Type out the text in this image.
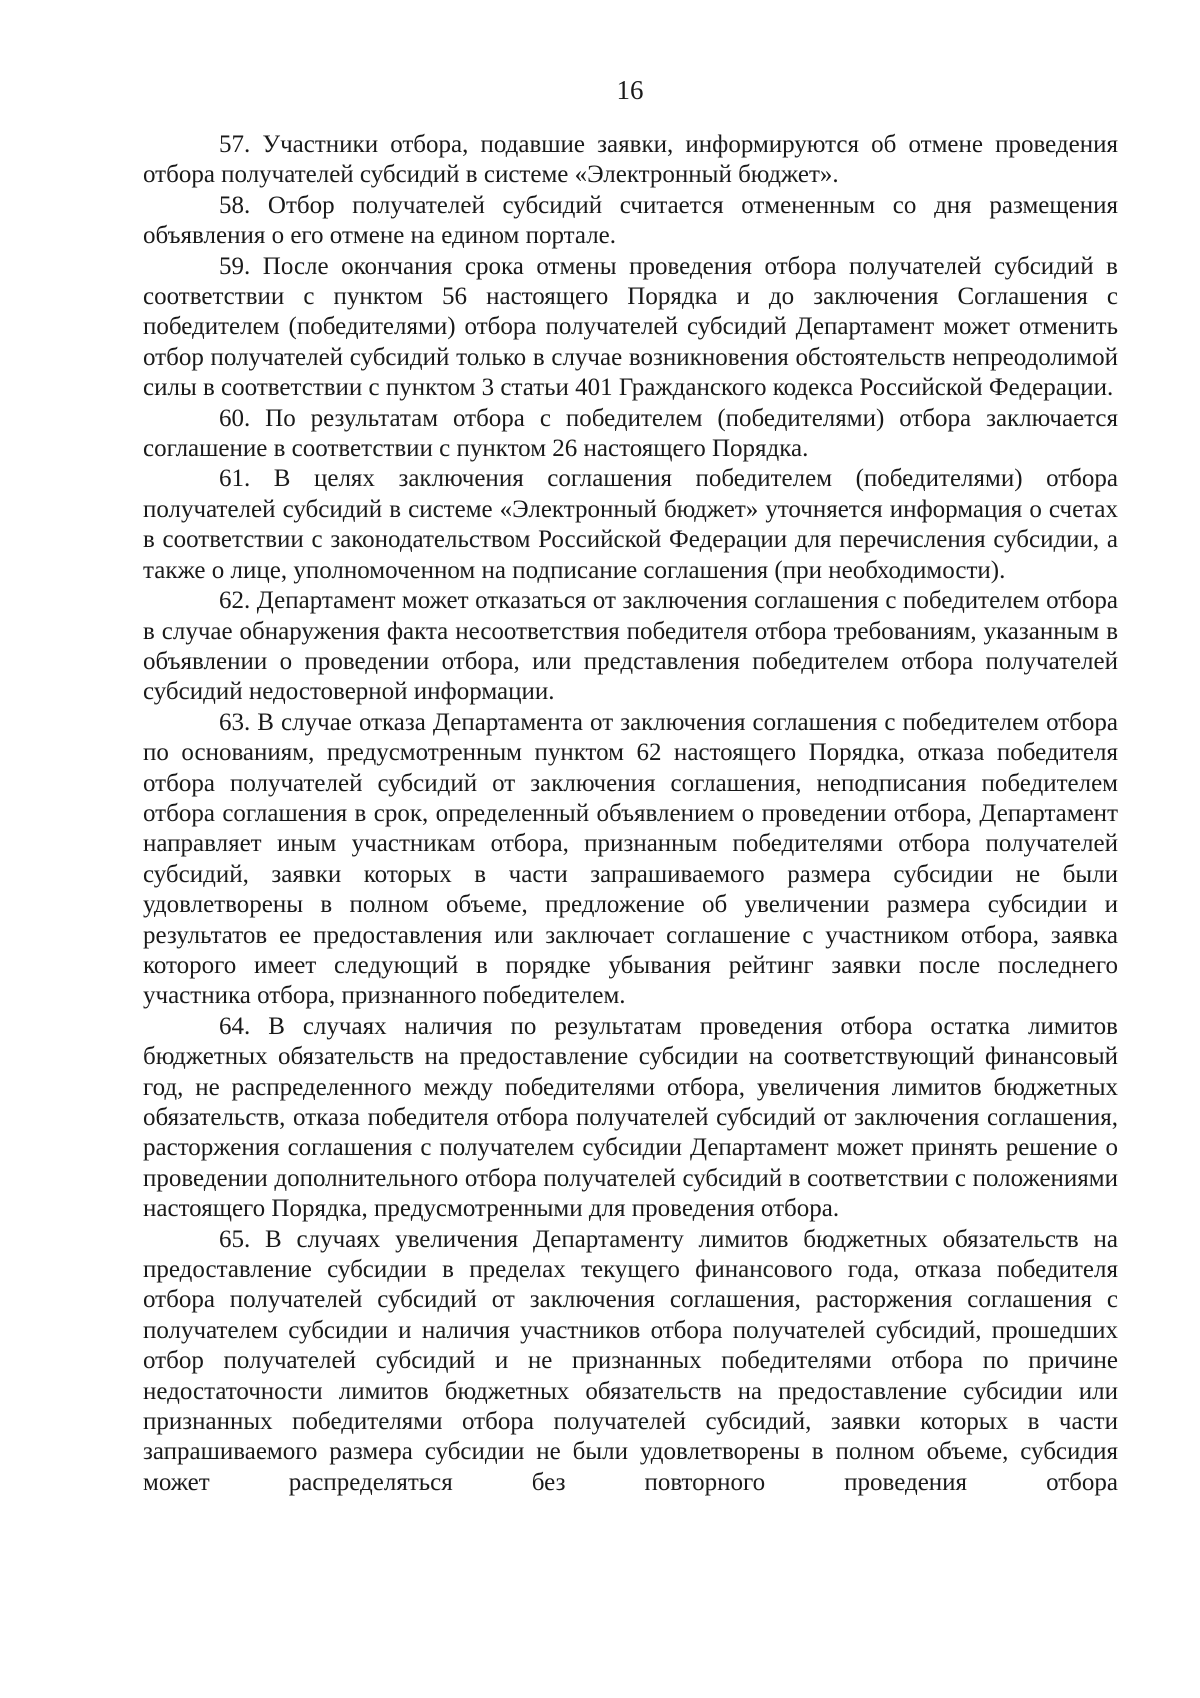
16

57. Участники отбора, подавшие заявки, информируются об отмене проведения отбора получателей субсидий в системе «Электронный бюджет».

58. Отбор получателей субсидий считается отмененным со дня размещения объявления о его отмене на едином портале.

59. После окончания срока отмены проведения отбора получателей субсидий в соответствии с пунктом 56 настоящего Порядка и до заключения Соглашения с победителем (победителями) отбора получателей субсидий Департамент может отменить отбор получателей субсидий только в случае возникновения обстоятельств непреодолимой силы в соответствии с пунктом 3 статьи 401 Гражданского кодекса Российской Федерации.

60. По результатам отбора с победителем (победителями) отбора заключается соглашение в соответствии с пунктом 26 настоящего Порядка.

61. В целях заключения соглашения победителем (победителями) отбора получателей субсидий в системе «Электронный бюджет» уточняется информация о счетах в соответствии с законодательством Российской Федерации для перечисления субсидии, а также о лице, уполномоченном на подписание соглашения (при необходимости).

62. Департамент может отказаться от заключения соглашения с победителем отбора в случае обнаружения факта несоответствия победителя отбора требованиям, указанным в объявлении о проведении отбора, или представления победителем отбора получателей субсидий недостоверной информации.

63. В случае отказа Департамента от заключения соглашения с победителем отбора по основаниям, предусмотренным пунктом 62 настоящего Порядка, отказа победителя отбора получателей субсидий от заключения соглашения, неподписания победителем отбора соглашения в срок, определенный объявлением о проведении отбора, Департамент направляет иным участникам отбора, признанным победителями отбора получателей субсидий, заявки которых в части запрашиваемого размера субсидии не были удовлетворены в полном объеме, предложение об увеличении размера субсидии и результатов ее предоставления или заключает соглашение с участником отбора, заявка которого имеет следующий в порядке убывания рейтинг заявки после последнего участника отбора, признанного победителем.

64. В случаях наличия по результатам проведения отбора остатка лимитов бюджетных обязательств на предоставление субсидии на соответствующий финансовый год, не распределенного между победителями отбора, увеличения лимитов бюджетных обязательств, отказа победителя отбора получателей субсидий от заключения соглашения, расторжения соглашения с получателем субсидии Департамент может принять решение о проведении дополнительного отбора получателей субсидий в соответствии с положениями настоящего Порядка, предусмотренными для проведения отбора.

65. В случаях увеличения Департаменту лимитов бюджетных обязательств на предоставление субсидии в пределах текущего финансового года, отказа победителя отбора получателей субсидий от заключения соглашения, расторжения соглашения с получателем субсидии и наличия участников отбора получателей субсидий, прошедших отбор получателей субсидий и не признанных победителями отбора по причине недостаточности лимитов бюджетных обязательств на предоставление субсидии или признанных победителями отбора получателей субсидий, заявки которых в части запрашиваемого размера субсидии не были удовлетворены в полном объеме, субсидия может распределяться без повторного проведения отбора
